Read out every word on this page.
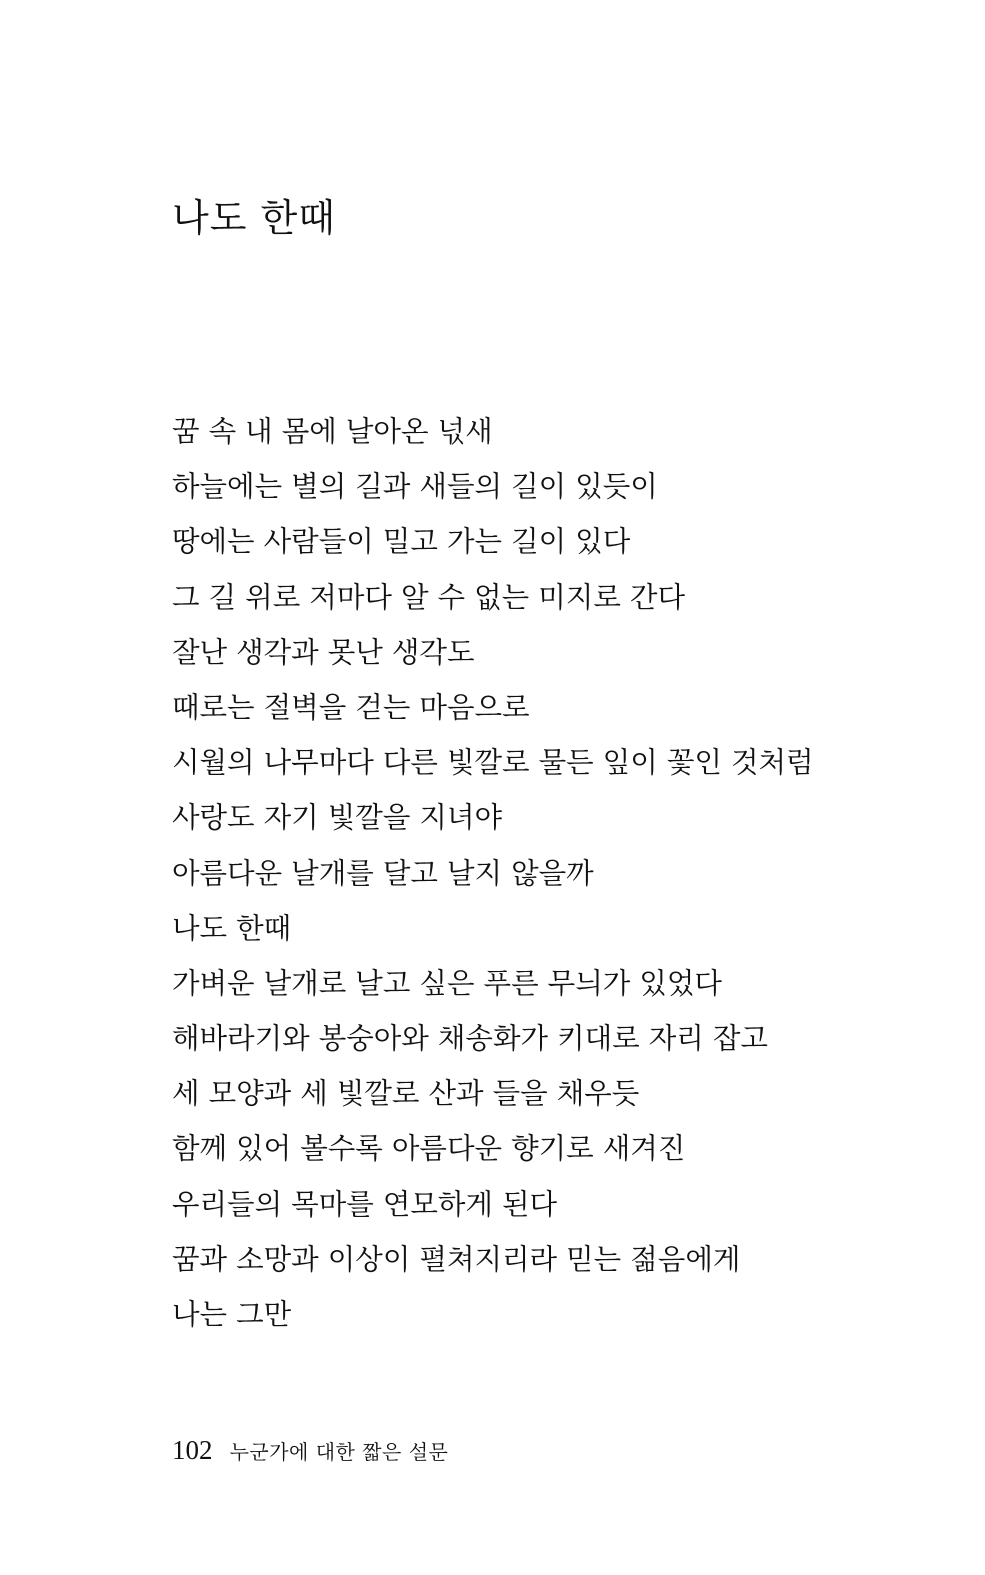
나도 한때
꿈 속 내 몸에 날아온 넋새
하늘에는 별의 길과 새들의 길이 있듯이
땅에는 사람들이 밀고 가는 길이 있다
그 길 위로 저마다 알 수 없는 미지로 간다
잘난 생각과 못난 생각도
때로는 절벽을 걷는 마음으로
시월의 나무마다 다른 빛깔로 물든 잎이 꽃인 것처럼
사랑도 자기 빛깔을 지녀야
아름다운 날개를 달고 날지 않을까
나도 한때
가벼운 날개로 날고 싶은 푸른 무늬가 있었다
해바라기와 봉숭아와 채송화가 키대로 자리 잡고
세 모양과 세 빛깔로 산과 들을 채우듯
함께 있어 볼수록 아름다운 향기로 새겨진
우리들의 목마를 연모하게 된다
꿈과 소망과 이상이 펼쳐지리라 믿는 젊음에게
나는 그만
102 누군가에 대한 짧은 설문
